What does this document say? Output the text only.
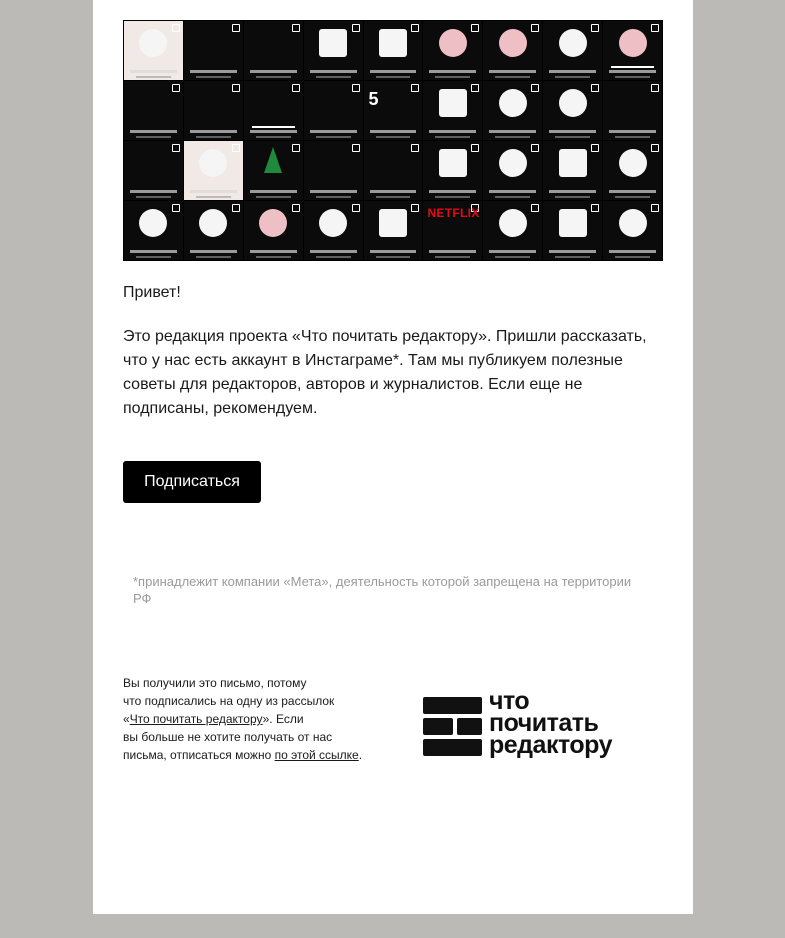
5
NETFLIX
Привет!
Это редакция проекта «Что почитать редактору». Пришли рассказать, что у нас есть аккаунт в Инстаграме*. Там мы публикуем полезные советы для редакторов, авторов и журналистов. Если еще не подписаны, рекомендуем.
Подписаться
*принадлежит компании «Мета», деятельность которой запрещена на территории РФ
Вы получили это письмо, потому
что подписались на одну из рассылок
«Что почитать редактору». Если
вы больше не хотите получать от нас
письма, отписаться можно по этой ссылке.
что
почитать
редактору
